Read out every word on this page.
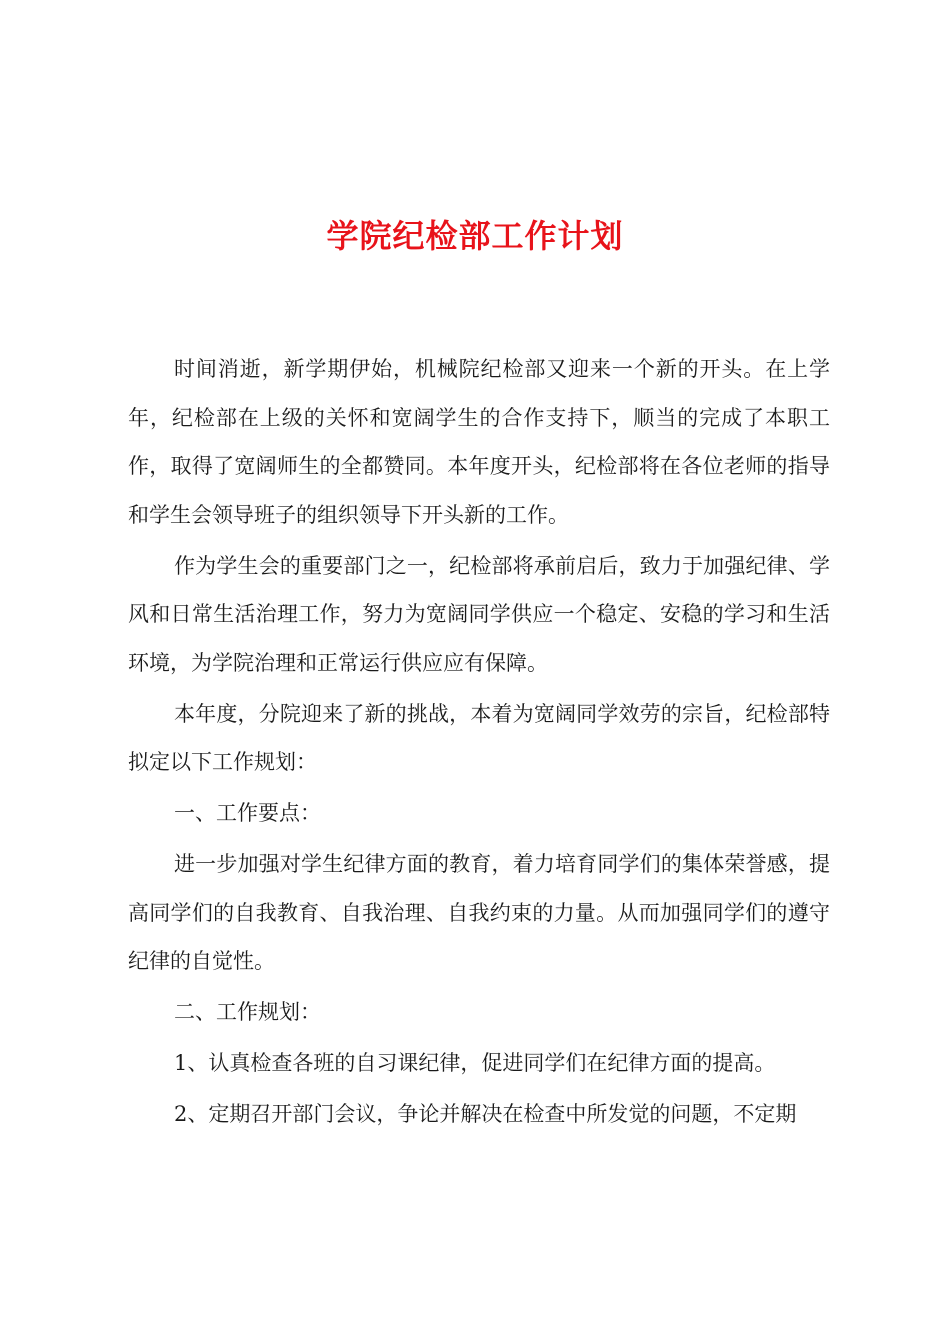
学院纪检部工作计划

时间消逝，新学期伊始，机械院纪检部又迎来一个新的开头。在上学年，纪检部在上级的关怀和宽阔学生的合作支持下，顺当的完成了本职工作，取得了宽阔师生的全都赞同。本年度开头，纪检部将在各位老师的指导和学生会领导班子的组织领导下开头新的工作。

作为学生会的重要部门之一，纪检部将承前启后，致力于加强纪律、学风和日常生活治理工作，努力为宽阔同学供应一个稳定、安稳的学习和生活环境，为学院治理和正常运行供应应有保障。

本年度，分院迎来了新的挑战，本着为宽阔同学效劳的宗旨，纪检部特拟定以下工作规划：

一、工作要点：

进一步加强对学生纪律方面的教育，着力培育同学们的集体荣誉感，提高同学们的自我教育、自我治理、自我约束的力量。从而加强同学们的遵守纪律的自觉性。

二、工作规划：

1、认真检查各班的自习课纪律，促进同学们在纪律方面的提高。

2、定期召开部门会议，争论并解决在检查中所发觉的问题，不定期
